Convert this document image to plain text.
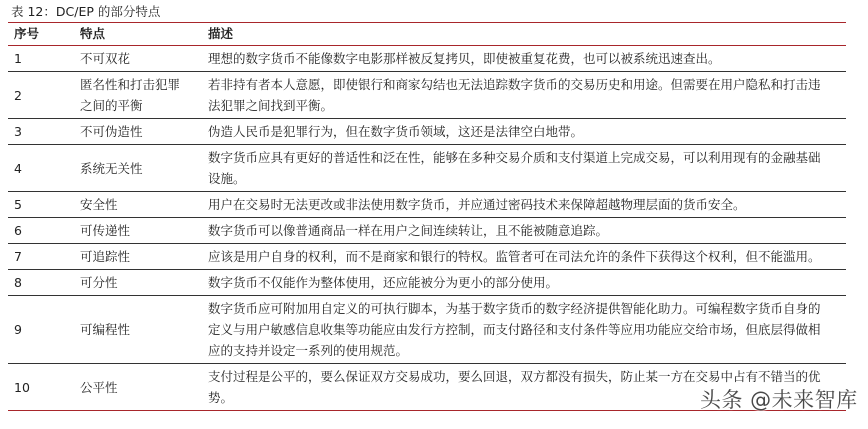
表 12：DC/EP 的部分特点
序号	特点	描述
1	不可双花	理想的数字货币不能像数字电影那样被反复拷贝，即使被重复花费，也可以被系统迅速查出。
2	匿名性和打击犯罪之间的平衡	若非持有者本人意愿，即使银行和商家勾结也无法追踪数字货币的交易历史和用途。但需要在用户隐私和打击违法犯罪之间找到平衡。
3	不可伪造性	伪造人民币是犯罪行为，但在数字货币领域，这还是法律空白地带。
4	系统无关性	数字货币应具有更好的普适性和泛在性，能够在多种交易介质和支付渠道上完成交易，可以利用现有的金融基础设施。
5	安全性	用户在交易时无法更改或非法使用数字货币，并应通过密码技术来保障超越物理层面的货币安全。
6	可传递性	数字货币可以像普通商品一样在用户之间连续转让，且不能被随意追踪。
7	可追踪性	应该是用户自身的权利，而不是商家和银行的特权。监管者可在司法允许的条件下获得这个权利，但不能滥用。
8	可分性	数字货币不仅能作为整体使用，还应能被分为更小的部分使用。
9	可编程性	数字货币应可附加用自定义的可执行脚本，为基于数字货币的数字经济提供智能化助力。可编程数字货币自身的定义与用户敏感信息收集等功能应由发行方控制，而支付路径和支付条件等应用功能应交给市场，但底层得做相应的支持并设定一系列的使用规范。
10	公平性	支付过程是公平的，要么保证双方交易成功，要么回退，双方都没有损失，防止某一方在交易中占有不错当的优势。	头条 @未来智库
